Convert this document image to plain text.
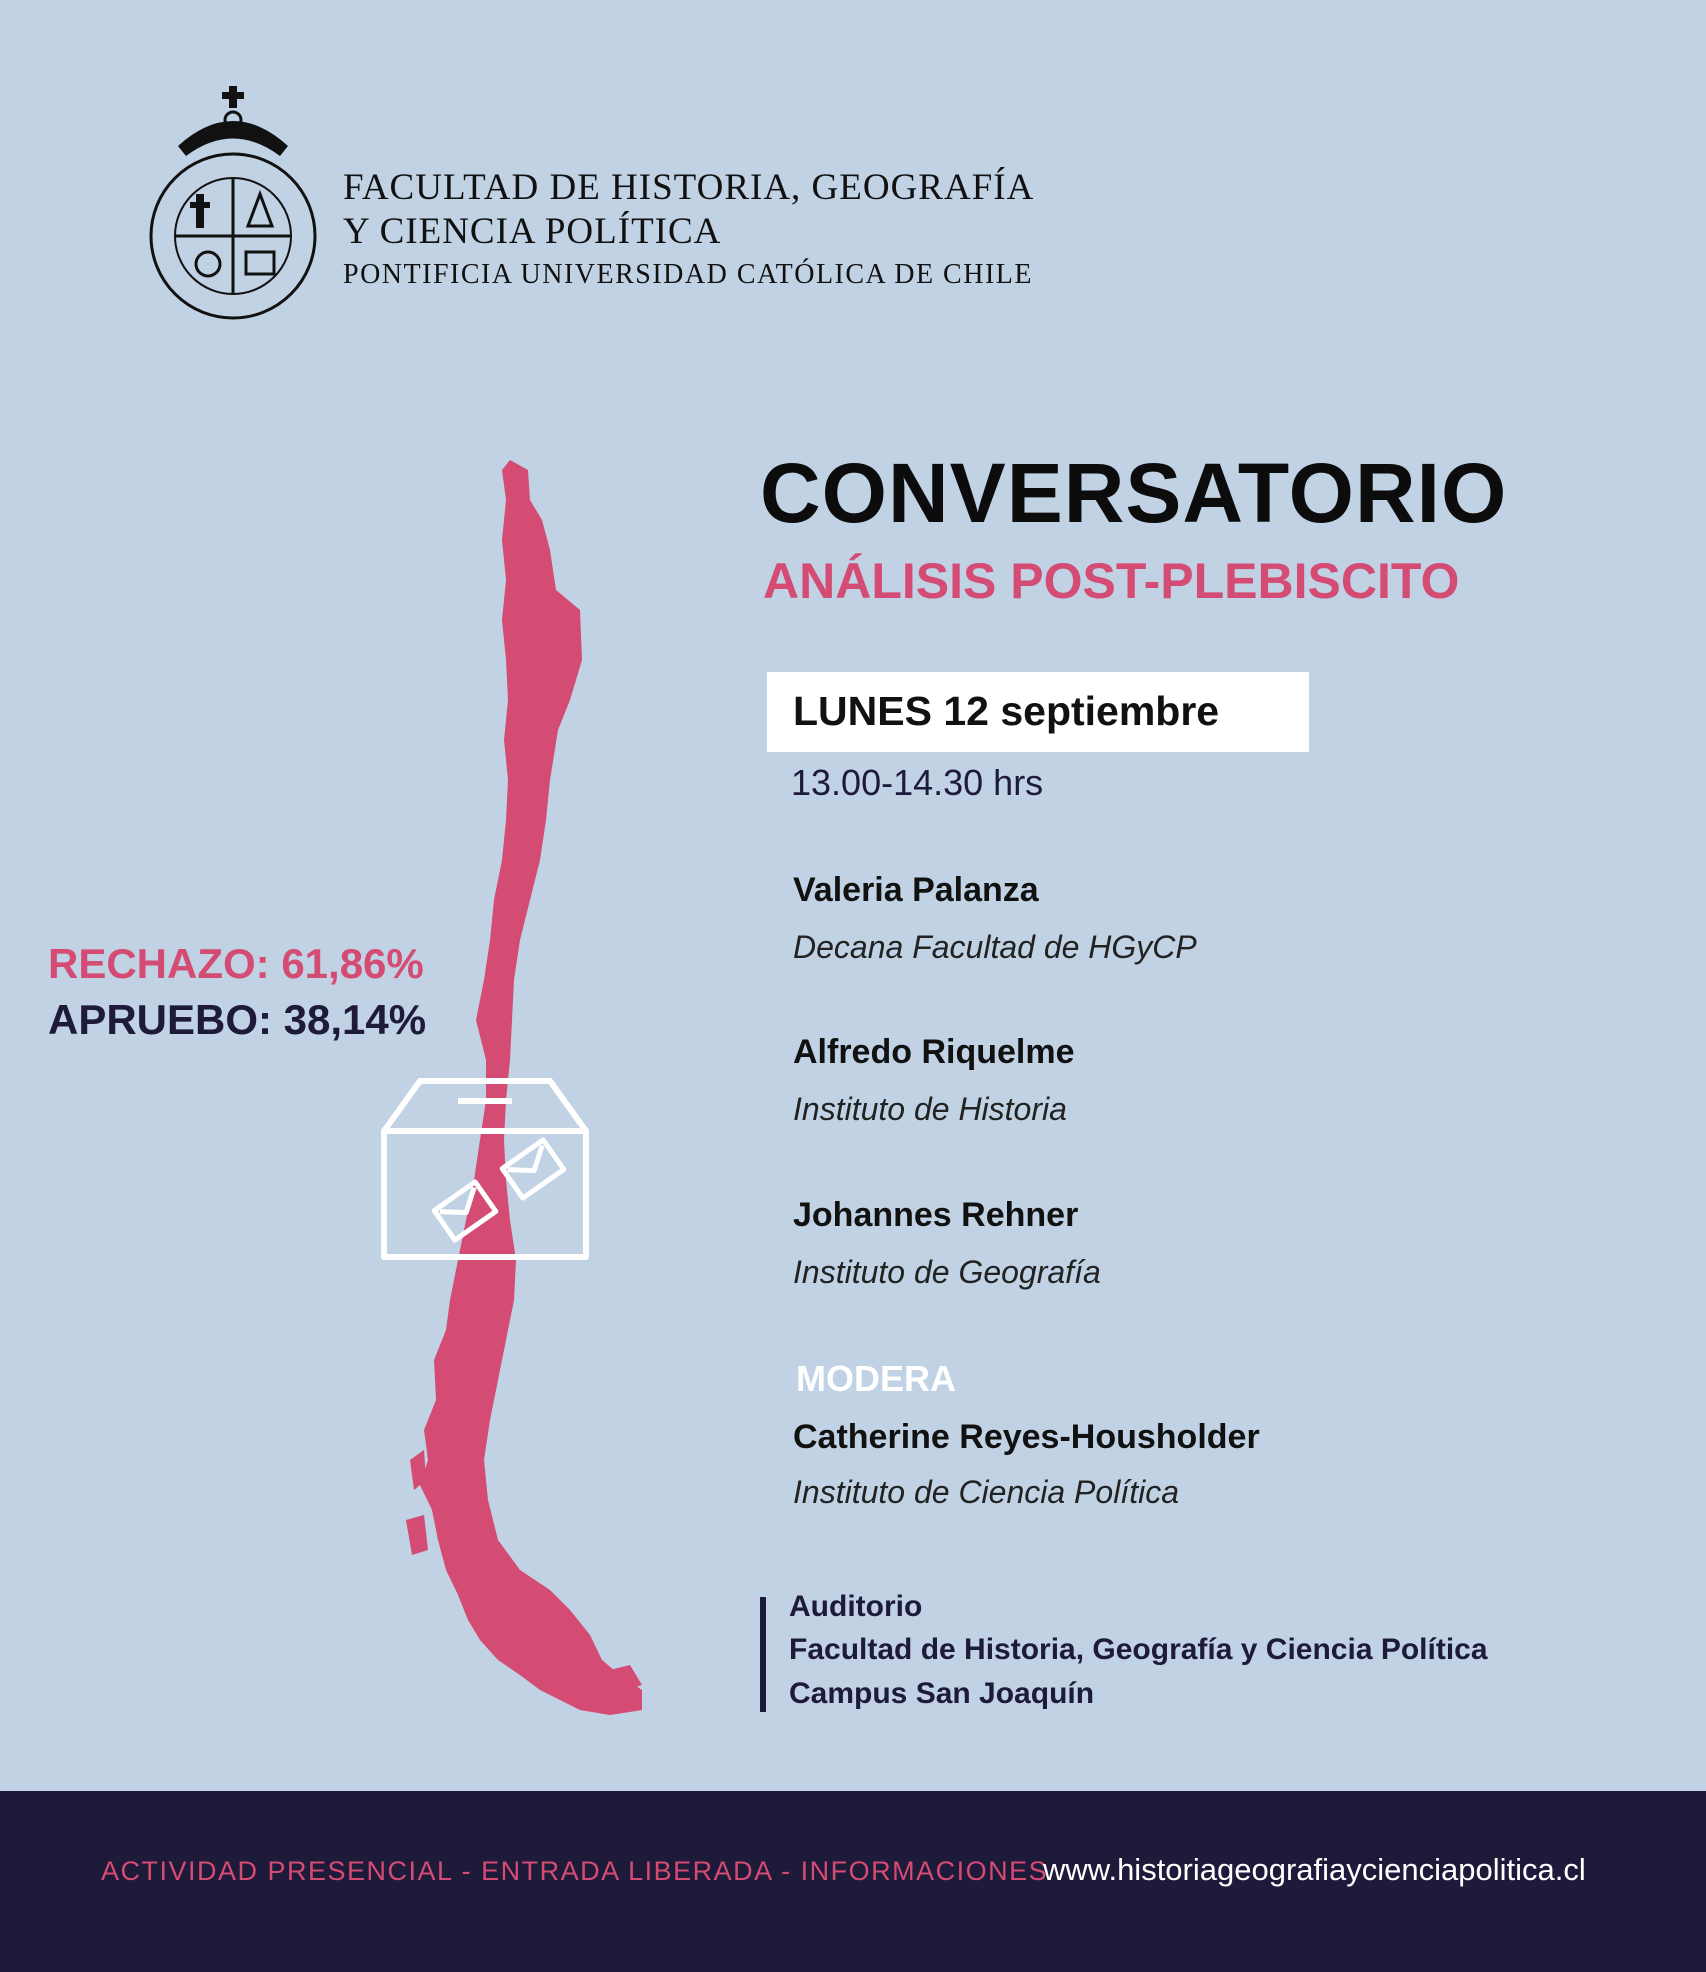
FACULTAD DE HISTORIA, GEOGRAFÍA
Y CIENCIA POLÍTICA
PONTIFICIA UNIVERSIDAD CATÓLICA DE CHILE
RECHAZO: 61,86%
APRUEBO: 38,14%
CONVERSATORIO
ANÁLISIS POST-PLEBISCITO
LUNES 12 septiembre
13.00-14.30 hrs
Valeria Palanza
Decana Facultad de HGyCP
Alfredo Riquelme
Instituto de Historia
Johannes Rehner
Instituto de Geografía
MODERA
Catherine Reyes-Housholder
Instituto de Ciencia Política
Auditorio
Facultad de Historia, Geografía y Ciencia Política
Campus San Joaquín
ACTIVIDAD PRESENCIAL - ENTRADA LIBERADA - INFORMACIONES
www.historiageografiaycienciapolitica.cl
